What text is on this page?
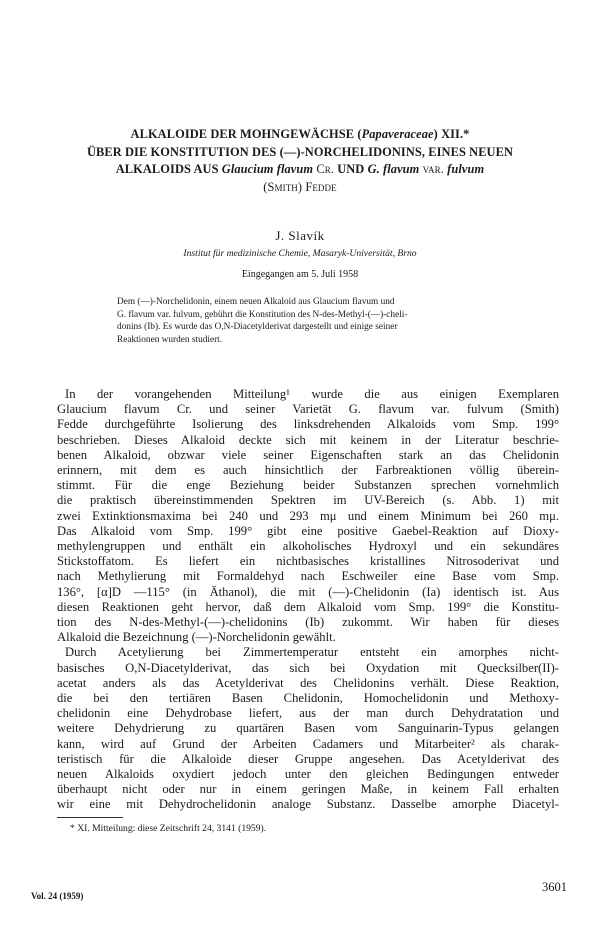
ALKALOIDE DER MOHNGEWÄCHSE (Papaveraceae) XII.*
ÜBER DIE KONSTITUTION DES (—)-NORCHELIDONINS, EINES NEUEN
ALKALOIDS AUS Glaucium flavum Cr. UND G. flavum var. fulvum
(Smith) Fedde
J. Slavík
Institut für medizinische Chemie, Masaryk-Universität, Brno
Eingegangen am 5. Juli 1958
Dem (—)-Norchelidonin, einem neuen Alkaloid aus Glaucium flavum und
G. flavum var. fulvum, gebührt die Konstitution des N-des-Methyl-(—)-cheli-
donins (Ib). Es wurde das O,N-Diacetylderivat dargestellt und einige seiner
Reaktionen wurden studiert.
In der vorangehenden Mitteilung¹ wurde die aus einigen Exemplaren
Glaucium flavum Cr. und seiner Varietät G. flavum var. fulvum (Smith)
Fedde durchgeführte Isolierung des linksdrehenden Alkaloids vom Smp. 199°
beschrieben. Dieses Alkaloid deckte sich mit keinem in der Literatur beschrie-
benen Alkaloid, obzwar viele seiner Eigenschaften stark an das Chelidonin
erinnern, mit dem es auch hinsichtlich der Farbreaktionen völlig überein-
stimmt. Für die enge Beziehung beider Substanzen sprechen vornehmlich
die praktisch übereinstimmenden Spektren im UV-Bereich (s. Abb. 1) mit
zwei Extinktionsmaxima bei 240 und 293 mμ und einem Minimum bei 260 mμ.
Das Alkaloid vom Smp. 199° gibt eine positive Gaebel-Reaktion auf Dioxy-
methylengruppen und enthält ein alkoholisches Hydroxyl und ein sekundäres
Stickstoffatom. Es liefert ein nichtbasisches kristallines Nitrosoderivat und
nach Methylierung mit Formaldehyd nach Eschweiler eine Base vom Smp.
136°, [α]D —115° (in Äthanol), die mit (—)-Chelidonin (Ia) identisch ist. Aus
diesen Reaktionen geht hervor, daß dem Alkaloid vom Smp. 199° die Konstitu-
tion des N-des-Methyl-(—)-chelidonins (Ib) zukommt. Wir haben für dieses
Alkaloid die Bezeichnung (—)-Norchelidonin gewählt.
Durch Acetylierung bei Zimmertemperatur entsteht ein amorphes nicht-
basisches O,N-Diacetylderivat, das sich bei Oxydation mit Quecksilber(II)-
acetat anders als das Acetylderivat des Chelidonins verhält. Diese Reaktion,
die bei den tertiären Basen Chelidonin, Homochelidonin und Methoxy-
chelidonin eine Dehydrobase liefert, aus der man durch Dehydratation und
weitere Dehydrierung zu quartären Basen vom Sanguinarin-Typus gelangen
kann, wird auf Grund der Arbeiten Cadamers und Mitarbeiter² als charak-
teristisch für die Alkaloide dieser Gruppe angesehen. Das Acetylderivat des
neuen Alkaloids oxydiert jedoch unter den gleichen Bedingungen entweder
überhaupt nicht oder nur in einem geringen Maße, in keinem Fall erhalten
wir eine mit Dehydrochelidonin analoge Substanz. Dasselbe amorphe Diacetyl-
* XI. Mitteilung: diese Zeitschrift 24, 3141 (1959).
Vol. 24 (1959)
3601
